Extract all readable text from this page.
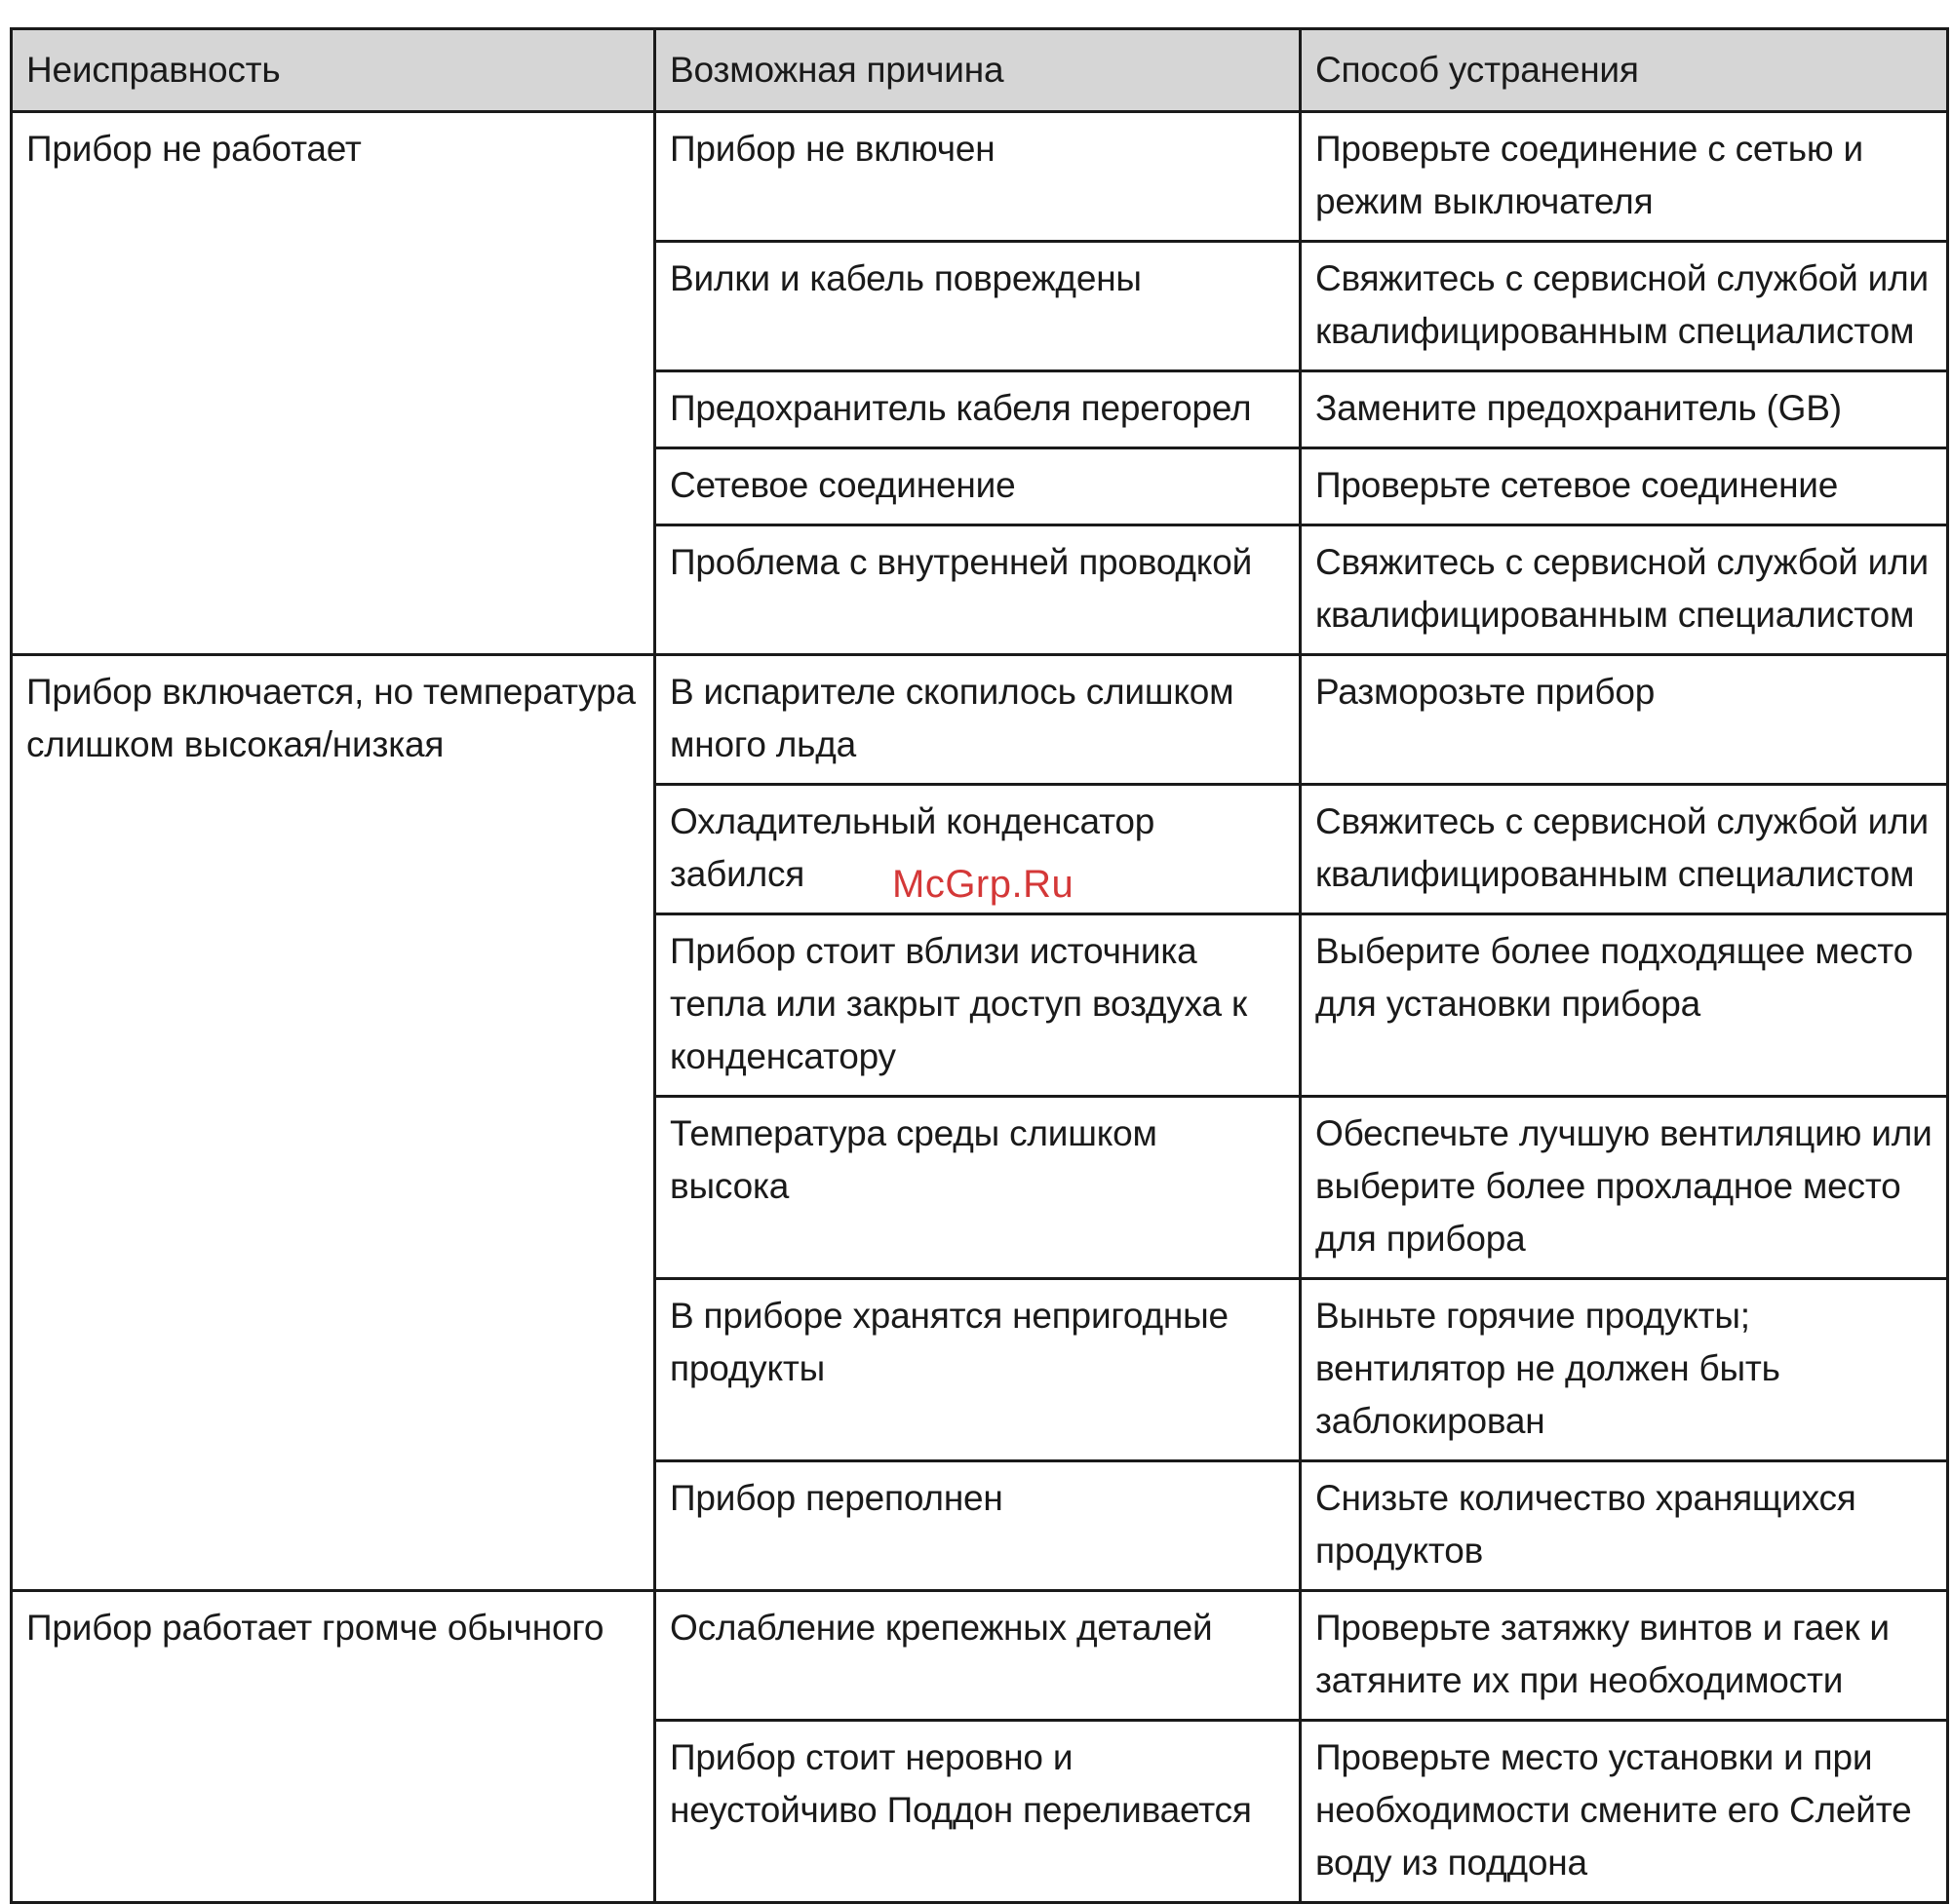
Неисправность	Возможная причина	Способ устранения
Прибор не работает	Прибор не включен	Проверьте соединение с сетью и режим выключателя
	Вилки и кабель повреждены	Свяжитесь с сервисной службой или квалифицированным специалистом
	Предохранитель кабеля перегорел	Замените предохранитель (GB)
	Сетевое соединение	Проверьте сетевое соединение
	Проблема с внутренней проводкой	Свяжитесь с сервисной службой или квалифицированным специалистом
Прибор включается, но температура слишком высокая/низкая	В испарителе скопилось слишком много льда	Разморозьте прибор
	Охладительный конденсатор забился	Свяжитесь с сервисной службой или квалифицированным специалистом
	Прибор стоит вблизи источника тепла или закрыт доступ воздуха к конденсатору	Выберите более подходящее место для установки прибора
	Температура среды слишком высока	Обеспечьте лучшую вентиляцию или выберите более прохладное место для прибора
	В приборе хранятся непригодные продукты	Выньте горячие продукты; вентилятор не должен быть заблокирован
	Прибор переполнен	Снизьте количество хранящихся продуктов
Прибор работает громче обычного	Ослабление крепежных деталей	Проверьте затяжку винтов и гаек и затяните их при необходимости
	Прибор стоит неровно и неустойчиво Поддон переливается	Проверьте место установки и при необходимости смените его Слейте воду из поддона
McGrp.Ru
